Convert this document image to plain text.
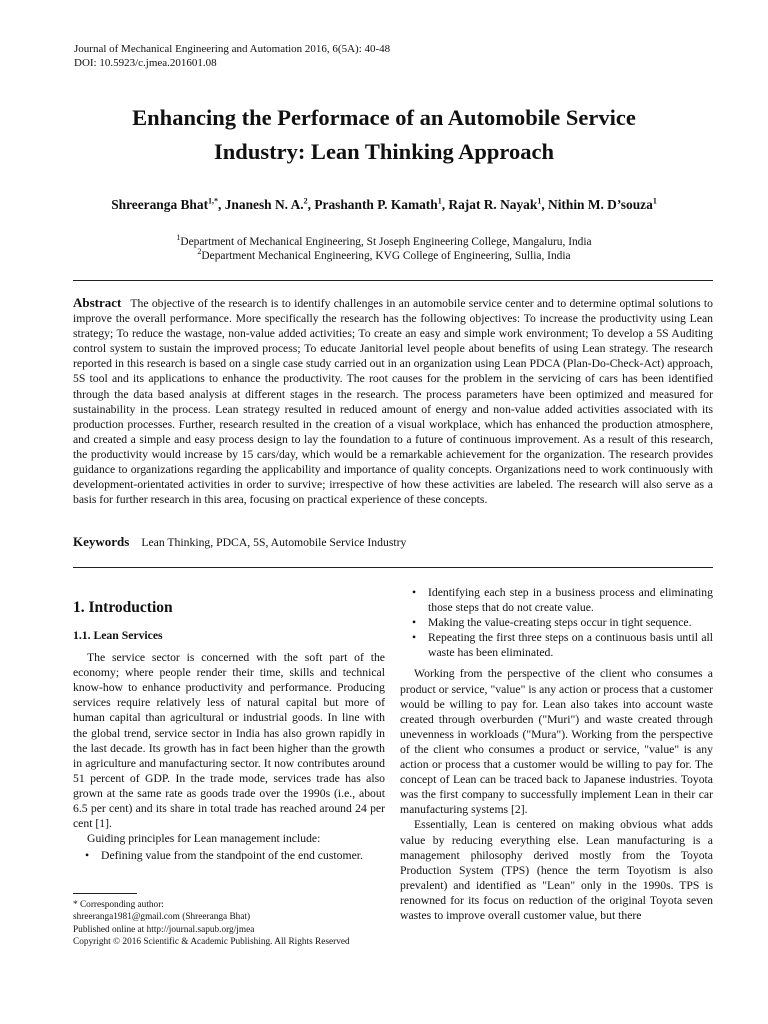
Journal of Mechanical Engineering and Automation 2016, 6(5A): 40-48
DOI: 10.5923/c.jmea.201601.08
Enhancing the Performace of an Automobile Service
Industry: Lean Thinking Approach
Shreeranga Bhat$^{1,*}$, Jnanesh N. A.$^2$, Prashanth P. Kamath$^1$, Rajat R. Nayak$^1$, Nithin M. D’souza$^1$
$^1$Department of Mechanical Engineering, St Joseph Engineering College, Mangaluru, India
$^2$Department Mechanical Engineering, KVG College of Engineering, Sullia, India
Abstract The objective of the research is to identify challenges in an automobile service center and to determine optimal solutions to improve the overall performance. More specifically the research has the following objectives: To increase the productivity using Lean strategy; To reduce the wastage, non-value added activities; To create an easy and simple work environment; To develop a 5S Auditing control system to sustain the improved process; To educate Janitorial level people about benefits of using Lean strategy. The research reported in this research is based on a single case study carried out in an organization using Lean PDCA (Plan-Do-Check-Act) approach, 5S tool and its applications to enhance the productivity. The root causes for the problem in the servicing of cars has been identified through the data based analysis at different stages in the research. The process parameters have been optimized and measured for sustainability in the process. Lean strategy resulted in reduced amount of energy and non-value added activities associated with its production processes. Further, research resulted in the creation of a visual workplace, which has enhanced the production atmosphere, and created a simple and easy process design to lay the foundation to a future of continuous improvement. As a result of this research, the productivity would increase by 15 cars/day, which would be a remarkable achievement for the organization. The research provides guidance to organizations regarding the applicability and importance of quality concepts. Organizations need to work continuously with development-orientated activities in order to survive; irrespective of how these activities are labeled. The research will also serve as a basis for further research in this area, focusing on practical experience of these concepts.
Keywords Lean Thinking, PDCA, 5S, Automobile Service Industry
1. Introduction
1.1. Lean Services

The service sector is concerned with the soft part of the economy; where people render their time, skills and technical know-how to enhance productivity and performance. Producing services require relatively less of natural capital but more of human capital than agricultural or industrial goods. In line with the global trend, service sector in India has also grown rapidly in the last decade. Its growth has in fact been higher than the growth in agriculture and manufacturing sector. It now contributes around 51 percent of GDP. In the trade mode, services trade has also grown at the same rate as goods trade over the 1990s (i.e., about 6.5 per cent) and its share in total trade has reached around 24 per cent [1].

Guiding principles for Lean management include:

• Defining value from the standpoint of the end customer.
• Identifying each step in a business process and eliminating those steps that do not create value.
• Making the value-creating steps occur in tight sequence.
• Repeating the first three steps on a continuous basis until all waste has been eliminated.

Working from the perspective of the client who consumes a product or service, "value" is any action or process that a customer would be willing to pay for. Lean also takes into account waste created through overburden ("Muri") and waste created through unevenness in workloads ("Mura"). Working from the perspective of the client who consumes a product or service, "value" is any action or process that a customer would be willing to pay for. The concept of Lean can be traced back to Japanese industries. Toyota was the first company to successfully implement Lean in their car manufacturing systems [2].

Essentially, Lean is centered on making obvious what adds value by reducing everything else. Lean manufacturing is a management philosophy derived mostly from the Toyota Production System (TPS) (hence the term Toyotism is also prevalent) and identified as "Lean" only in the 1990s. TPS is renowned for its focus on reduction of the original Toyota seven wastes to improve overall customer value, but there

* Corresponding author:
shreeranga1981@gmail.com (Shreeranga Bhat)
Published online at http://journal.sapub.org/jmea
Copyright © 2016 Scientific & Academic Publishing. All Rights Reserved
